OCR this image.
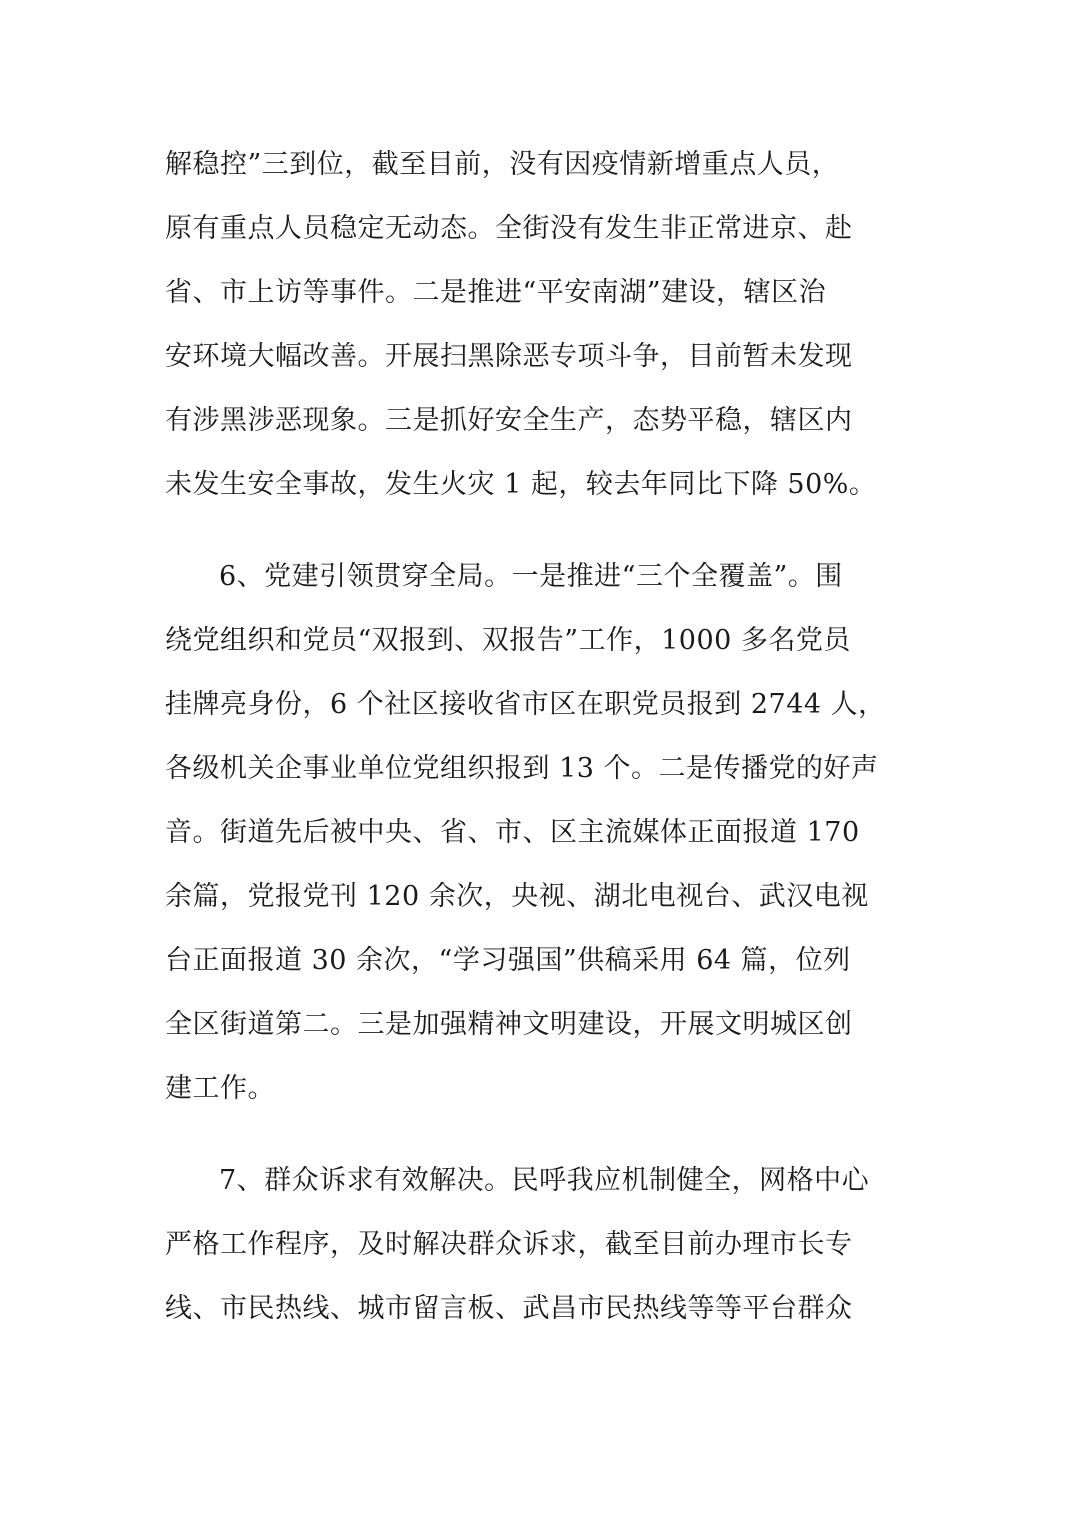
解稳控”三到位，截至目前，没有因疫情新增重点人员，
原有重点人员稳定无动态。全街没有发生非正常进京、赴
省、市上访等事件。二是推进“平安南湖”建设，辖区治
安环境大幅改善。开展扫黑除恶专项斗争，目前暂未发现
有涉黑涉恶现象。三是抓好安全生产，态势平稳，辖区内
未发生安全事故，发生火灾 1 起，较去年同比下降 50%。
6、党建引领贯穿全局。一是推进“三个全覆盖”。围
绕党组织和党员“双报到、双报告”工作，1000 多名党员
挂牌亮身份，6 个社区接收省市区在职党员报到 2744 人，
各级机关企事业单位党组织报到 13 个。二是传播党的好声
音。街道先后被中央、省、市、区主流媒体正面报道 170
余篇，党报党刊 120 余次，央视、湖北电视台、武汉电视
台正面报道 30 余次，“学习强国”供稿采用 64 篇，位列
全区街道第二。三是加强精神文明建设，开展文明城区创
建工作。
7、群众诉求有效解决。民呼我应机制健全，网格中心
严格工作程序，及时解决群众诉求，截至目前办理市长专
线、市民热线、城市留言板、武昌市民热线等等平台群众
